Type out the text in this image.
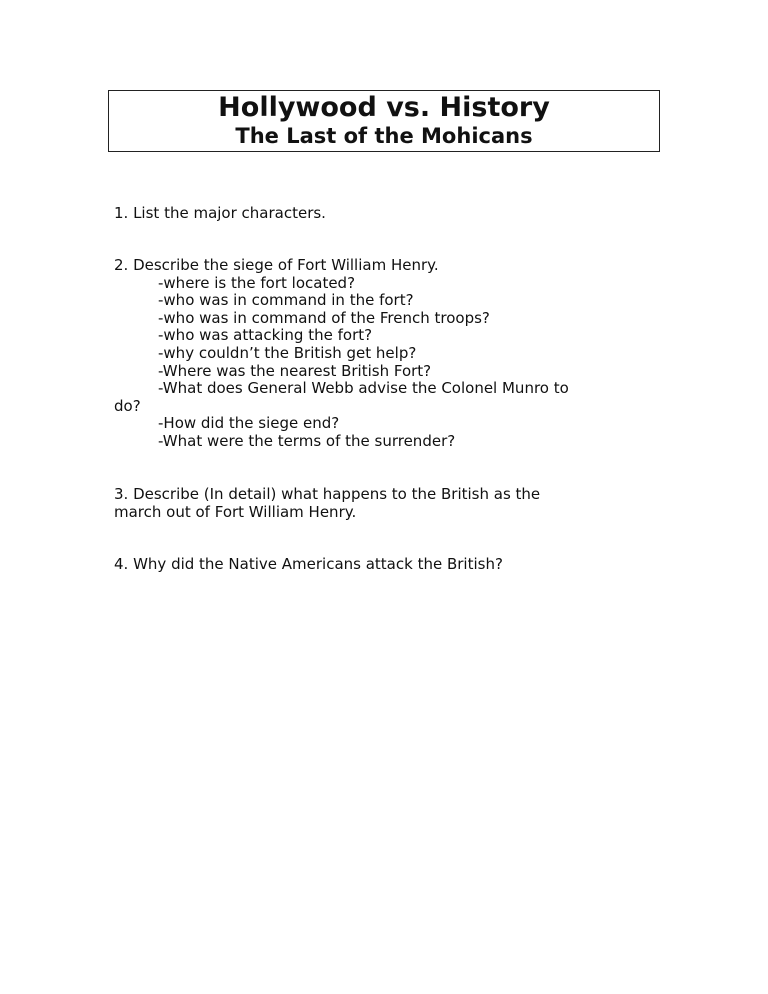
Hollywood vs. History
The Last of the Mohicans
1. List the major characters.
2. Describe the siege of Fort William Henry.
-where is the fort located?
-who was in command in the fort?
-who was in command of the French troops?
-who was attacking the fort?
-why couldn’t the British get help?
-Where was the nearest British Fort?
-What does General Webb advise the Colonel Munro to
do?
-How did the siege end?
-What were the terms of the surrender?
3. Describe (In detail) what happens to the British as the
march out of Fort William Henry.
4. Why did the Native Americans attack the British?
